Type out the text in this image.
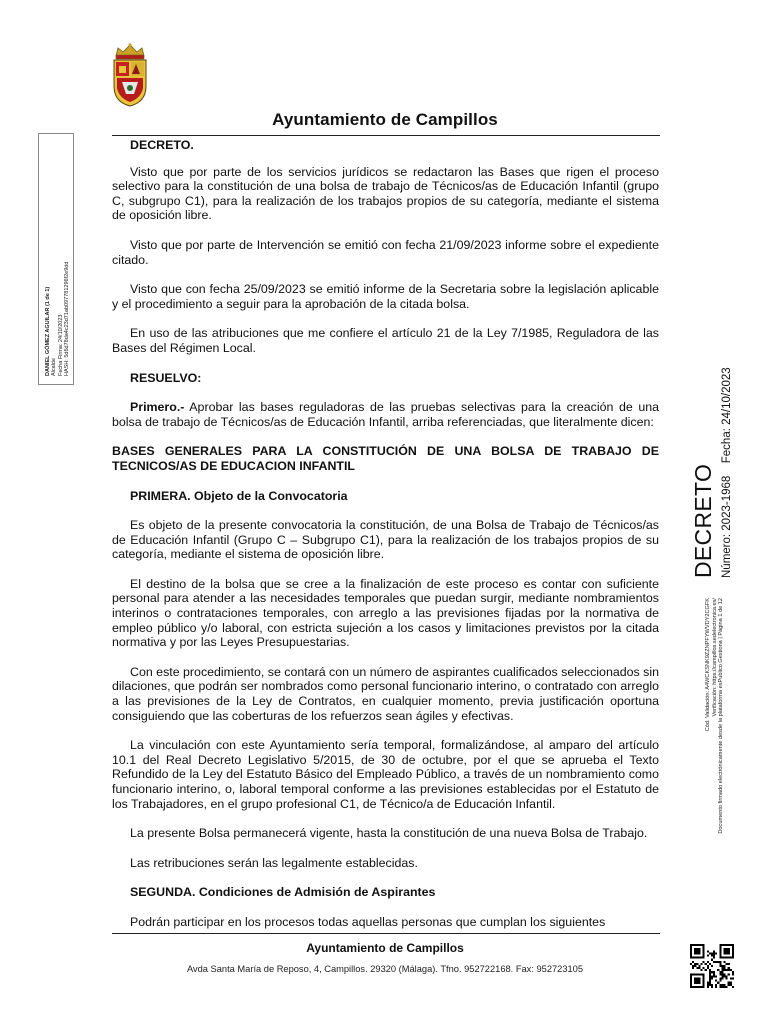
Ayuntamiento de Campillos
DANIEL GÓMEZ AGUILAR (1 de 1) Alcalde Fecha Firma: 24/10/2023 HASH: 5d6d78da4c23d71ab097781296f2e9dd

DECRETO.

Visto que por parte de los servicios jurídicos se redactaron las Bases que rigen el proceso selectivo para la constitución de una bolsa de trabajo de Técnicos/as de Educación Infantil (grupo C, subgrupo C1), para la realización de los trabajos propios de su categoría, mediante el sistema de oposición libre.

Visto que por parte de Intervención se emitió con fecha 21/09/2023 informe sobre el expediente citado.

Visto que con fecha 25/09/2023 se emitió informe de la Secretaria sobre la legislación aplicable y el procedimiento a seguir para la aprobación de la citada bolsa.

En uso de las atribuciones que me confiere el artículo 21 de la Ley 7/1985, Reguladora de las Bases del Régimen Local.

RESUELVO:

Primero.- Aprobar las bases reguladoras de las pruebas selectivas para la creación de una bolsa de trabajo de Técnicos/as de Educación Infantil, arriba referenciadas, que literalmente dicen:

BASES GENERALES PARA LA CONSTITUCIÓN DE UNA BOLSA DE TRABAJO DE TECNICOS/AS DE EDUCACION INFANTIL

PRIMERA. Objeto de la Convocatoria

Es objeto de la presente convocatoria la constitución, de una Bolsa de Trabajo de Técnicos/as de Educación Infantil (Grupo C – Subgrupo C1), para la realización de los trabajos propios de su categoría, mediante el sistema de oposición libre.

El destino de la bolsa que se cree a la finalización de este proceso es contar con suficiente personal para atender a las necesidades temporales que puedan surgir, mediante nombramientos interinos o contrataciones temporales, con arreglo a las previsiones fijadas por la normativa de empleo público y/o laboral, con estricta sujeción a los casos y limitaciones previstos por la citada normativa y por las Leyes Presupuestarias.

Con este procedimiento, se contará con un número de aspirantes cualificados seleccionados sin dilaciones, que podrán ser nombrados como personal funcionario interino, o contratado con arreglo a las previsiones de la Ley de Contratos, en cualquier momento, previa justificación oportuna consiguiendo que las coberturas de los refuerzos sean ágiles y efectivas.

La vinculación con este Ayuntamiento sería temporal, formalizándose, al amparo del artículo 10.1 del Real Decreto Legislativo 5/2015, de 30 de octubre, por el que se aprueba el Texto Refundido de la Ley del Estatuto Básico del Empleado Público, a través de un nombramiento como funcionario interino, o, laboral temporal conforme a las previsiones establecidas por el Estatuto de los Trabajadores, en el grupo profesional C1, de Técnico/a de Educación Infantil.

La presente Bolsa permanecerá vigente, hasta la constitución de una nueva Bolsa de Trabajo.

Las retribuciones serán las legalmente establecidas.

SEGUNDA. Condiciones de Admisión de Aspirantes

Podrán participar en los procesos todas aquellas personas que cumplan los siguientes

DECRETO Número: 2023-1968 Fecha: 24/10/2023
Cód. Validación: A4WCKSNK9ZZNPFYWVDY2CGFK Verificación: https://campillos.sedelectronica.es/ Documento firmado electrónicamente desde la plataforma esPublico Gestiona | Página 1 de 12
Ayuntamiento de Campillos
Avda Santa María de Reposo, 4, Campillos. 29320 (Málaga). Tfno. 952722168. Fax: 952723105
